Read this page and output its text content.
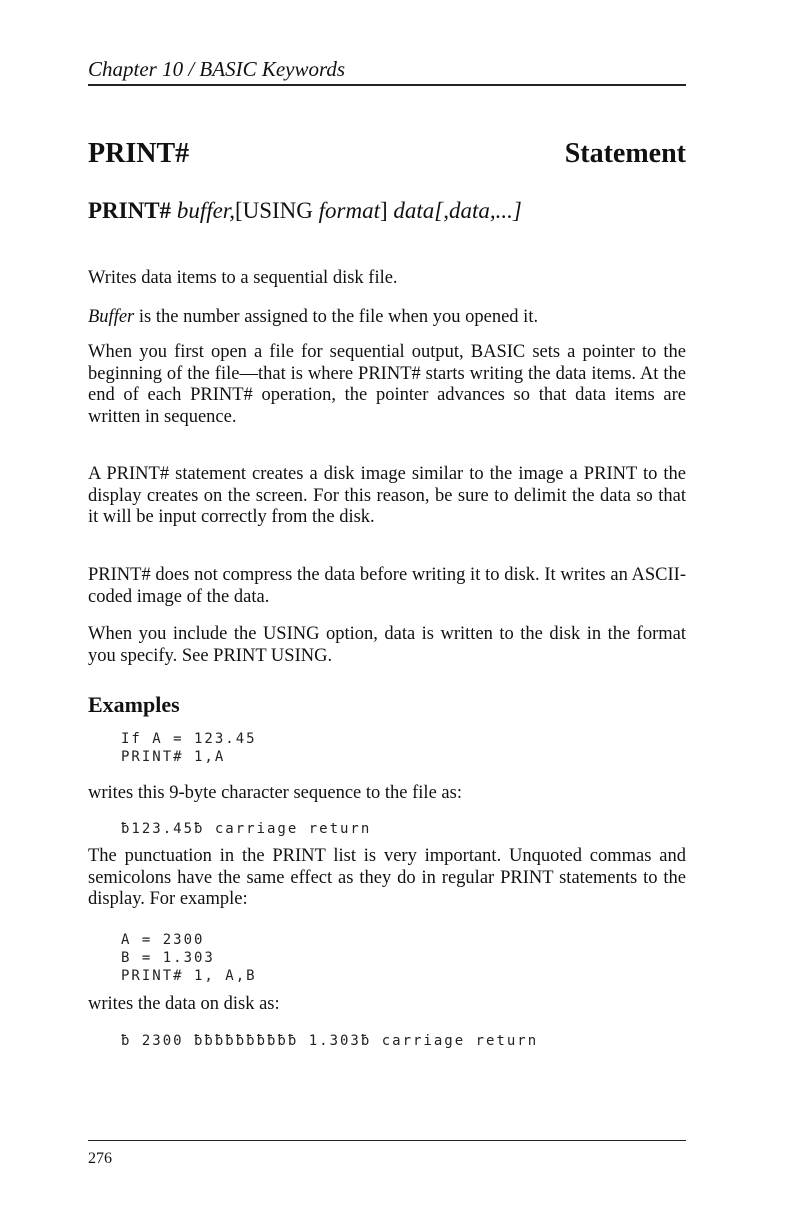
Chapter 10 / BASIC Keywords
PRINT#	Statement
PRINT# buffer,[USING format] data[,data,...]
Writes data items to a sequential disk file.
Buffer is the number assigned to the file when you opened it.
When you first open a file for sequential output, BASIC sets a pointer to the beginning of the file—that is where PRINT# starts writing the data items. At the end of each PRINT# operation, the pointer advances so that data items are written in sequence.
A PRINT# statement creates a disk image similar to the image a PRINT to the display creates on the screen. For this reason, be sure to delimit the data so that it will be input correctly from the disk.
PRINT# does not compress the data before writing it to disk. It writes an ASCII-coded image of the data.
When you include the USING option, data is written to the disk in the format you specify. See PRINT USING.
Examples
If A = 123.45
PRINT# 1,A
writes this 9-byte character sequence to the file as:
ƀ123.45ƀ carriage return
The punctuation in the PRINT list is very important. Unquoted commas and semicolons have the same effect as they do in regular PRINT statements to the display. For example:
A = 2300
B = 1.303
PRINT# 1, A,B
writes the data on disk as:
ƀ 2300 ƀƀƀƀƀƀƀƀƀƀ 1.303ƀ carriage return
276
